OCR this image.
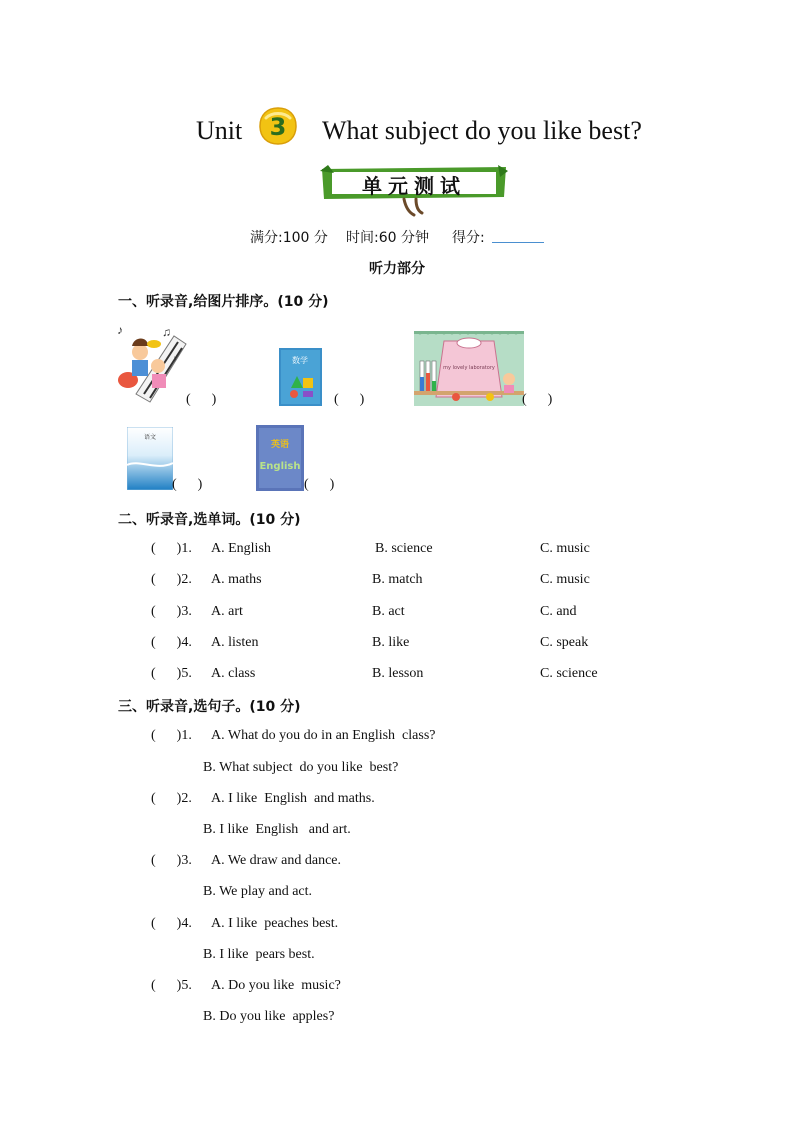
Unit 3 What subject do you like best?
单元测试
满分:100 分 时间:60 分钟 得分:
听力部分
一、听录音,给图片排序。(10 分)
♪	♫
♪
(      )
数学
(      )
my lovely laboratory
(      )
语文
(      )
英语
English
(      )
二、听录音,选单词。(10 分)
(      )1. A. English	B. science	C. music
(      )2. A. maths	B. match	C. music
(      )3. A. art	B. act	C. and
(      )4. A. listen	B. like	C. speak
(      )5. A. class	B. lesson	C. science
三、听录音,选句子。(10 分)
(      )1. A. What do you do in an English  class?
B. What subject  do you like  best?
(      )2. A. I like  English  and maths.
B. I like  English   and art.
(      )3. A. We draw and dance.
B. We play and act.
(      )4. A. I like  peaches best.
B. I like  pears best.
(      )5. A. Do you like  music?
B. Do you like  apples?
